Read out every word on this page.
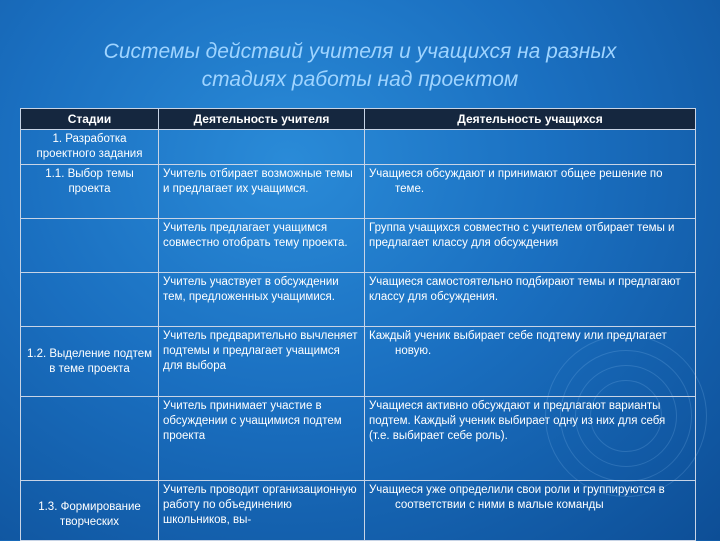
Системы действий учителя и учащихся на разных
стадиях работы над проектом
Стадии	Деятельность учителя	Деятельность учащихся
1. Разработка проектного задания		
1.1. Выбор темы проекта	Учитель отбирает возможные темы и предлагает их учащимся.	Учащиеся обсуждают и принимают общее решение по теме.

	Учитель предлагает учащимся совместно отобрать тему проекта.	Группа учащихся совместно с учителем отбирает темы и предлагает классу для обсуждения
	Учитель участвует в обсуждении тем, предложенных учащимися.	Учащиеся самостоятельно подбирают темы и предлагают классу для обсуждения.
1.2. Выделение подтем в теме проекта	Учитель предварительно вычленяет подтемы и предлагает учащимся для выбора	Каждый ученик выбирает себе подтему или предлагает новую.

	Учитель принимает участие в обсуждении с учащимися подтем проекта	Учащиеся активно обсуждают и предлагают варианты
подтем. Каждый ученик выбирает одну из них для себя
(т.е. выбирает себе роль).

1.3. Формирование творческих	Учитель проводит организационную работу по объединению школьников, вы-	Учащиеся уже определили свои роли и группируются в соответствии с ними в малые команды
